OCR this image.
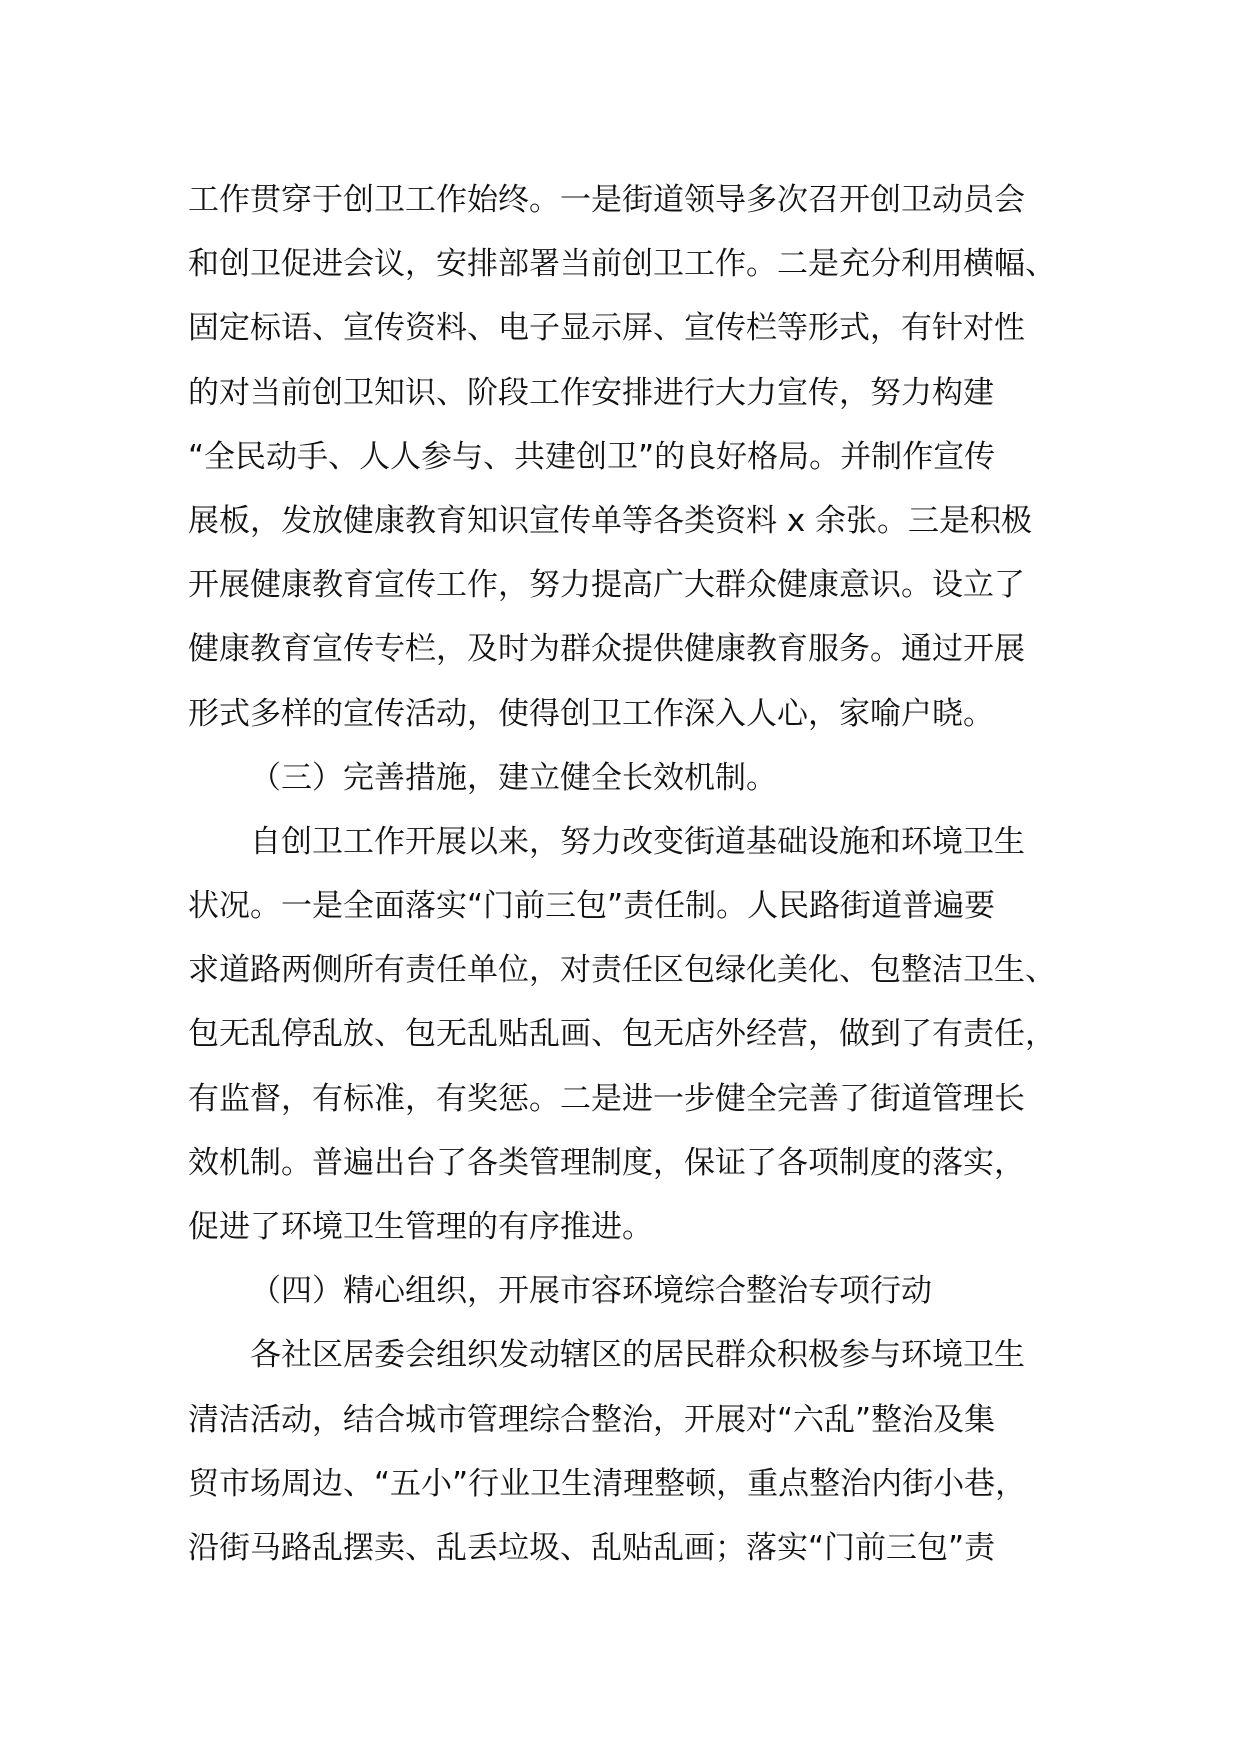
工作贯穿于创卫工作始终。一是街道领导多次召开创卫动员会
和创卫促进会议，安排部署当前创卫工作。二是充分利用横幅、
固定标语、宣传资料、电子显示屏、宣传栏等形式，有针对性
的对当前创卫知识、阶段工作安排进行大力宣传，努力构建
“全民动手、人人参与、共建创卫”的良好格局。并制作宣传
展板，发放健康教育知识宣传单等各类资料 x 余张。三是积极
开展健康教育宣传工作，努力提高广大群众健康意识。设立了
健康教育宣传专栏，及时为群众提供健康教育服务。通过开展
形式多样的宣传活动，使得创卫工作深入人心，家喻户晓。
（三）完善措施，建立健全长效机制。
自创卫工作开展以来，努力改变街道基础设施和环境卫生
状况。一是全面落实“门前三包”责任制。人民路街道普遍要
求道路两侧所有责任单位，对责任区包绿化美化、包整洁卫生、
包无乱停乱放、包无乱贴乱画、包无店外经营，做到了有责任，
有监督，有标准，有奖惩。二是进一步健全完善了街道管理长
效机制。普遍出台了各类管理制度，保证了各项制度的落实，
促进了环境卫生管理的有序推进。
（四）精心组织，开展市容环境综合整治专项行动
各社区居委会组织发动辖区的居民群众积极参与环境卫生
清洁活动，结合城市管理综合整治，开展对“六乱”整治及集
贸市场周边、“五小”行业卫生清理整顿，重点整治内街小巷，
沿街马路乱摆卖、乱丢垃圾、乱贴乱画；落实“门前三包”责
